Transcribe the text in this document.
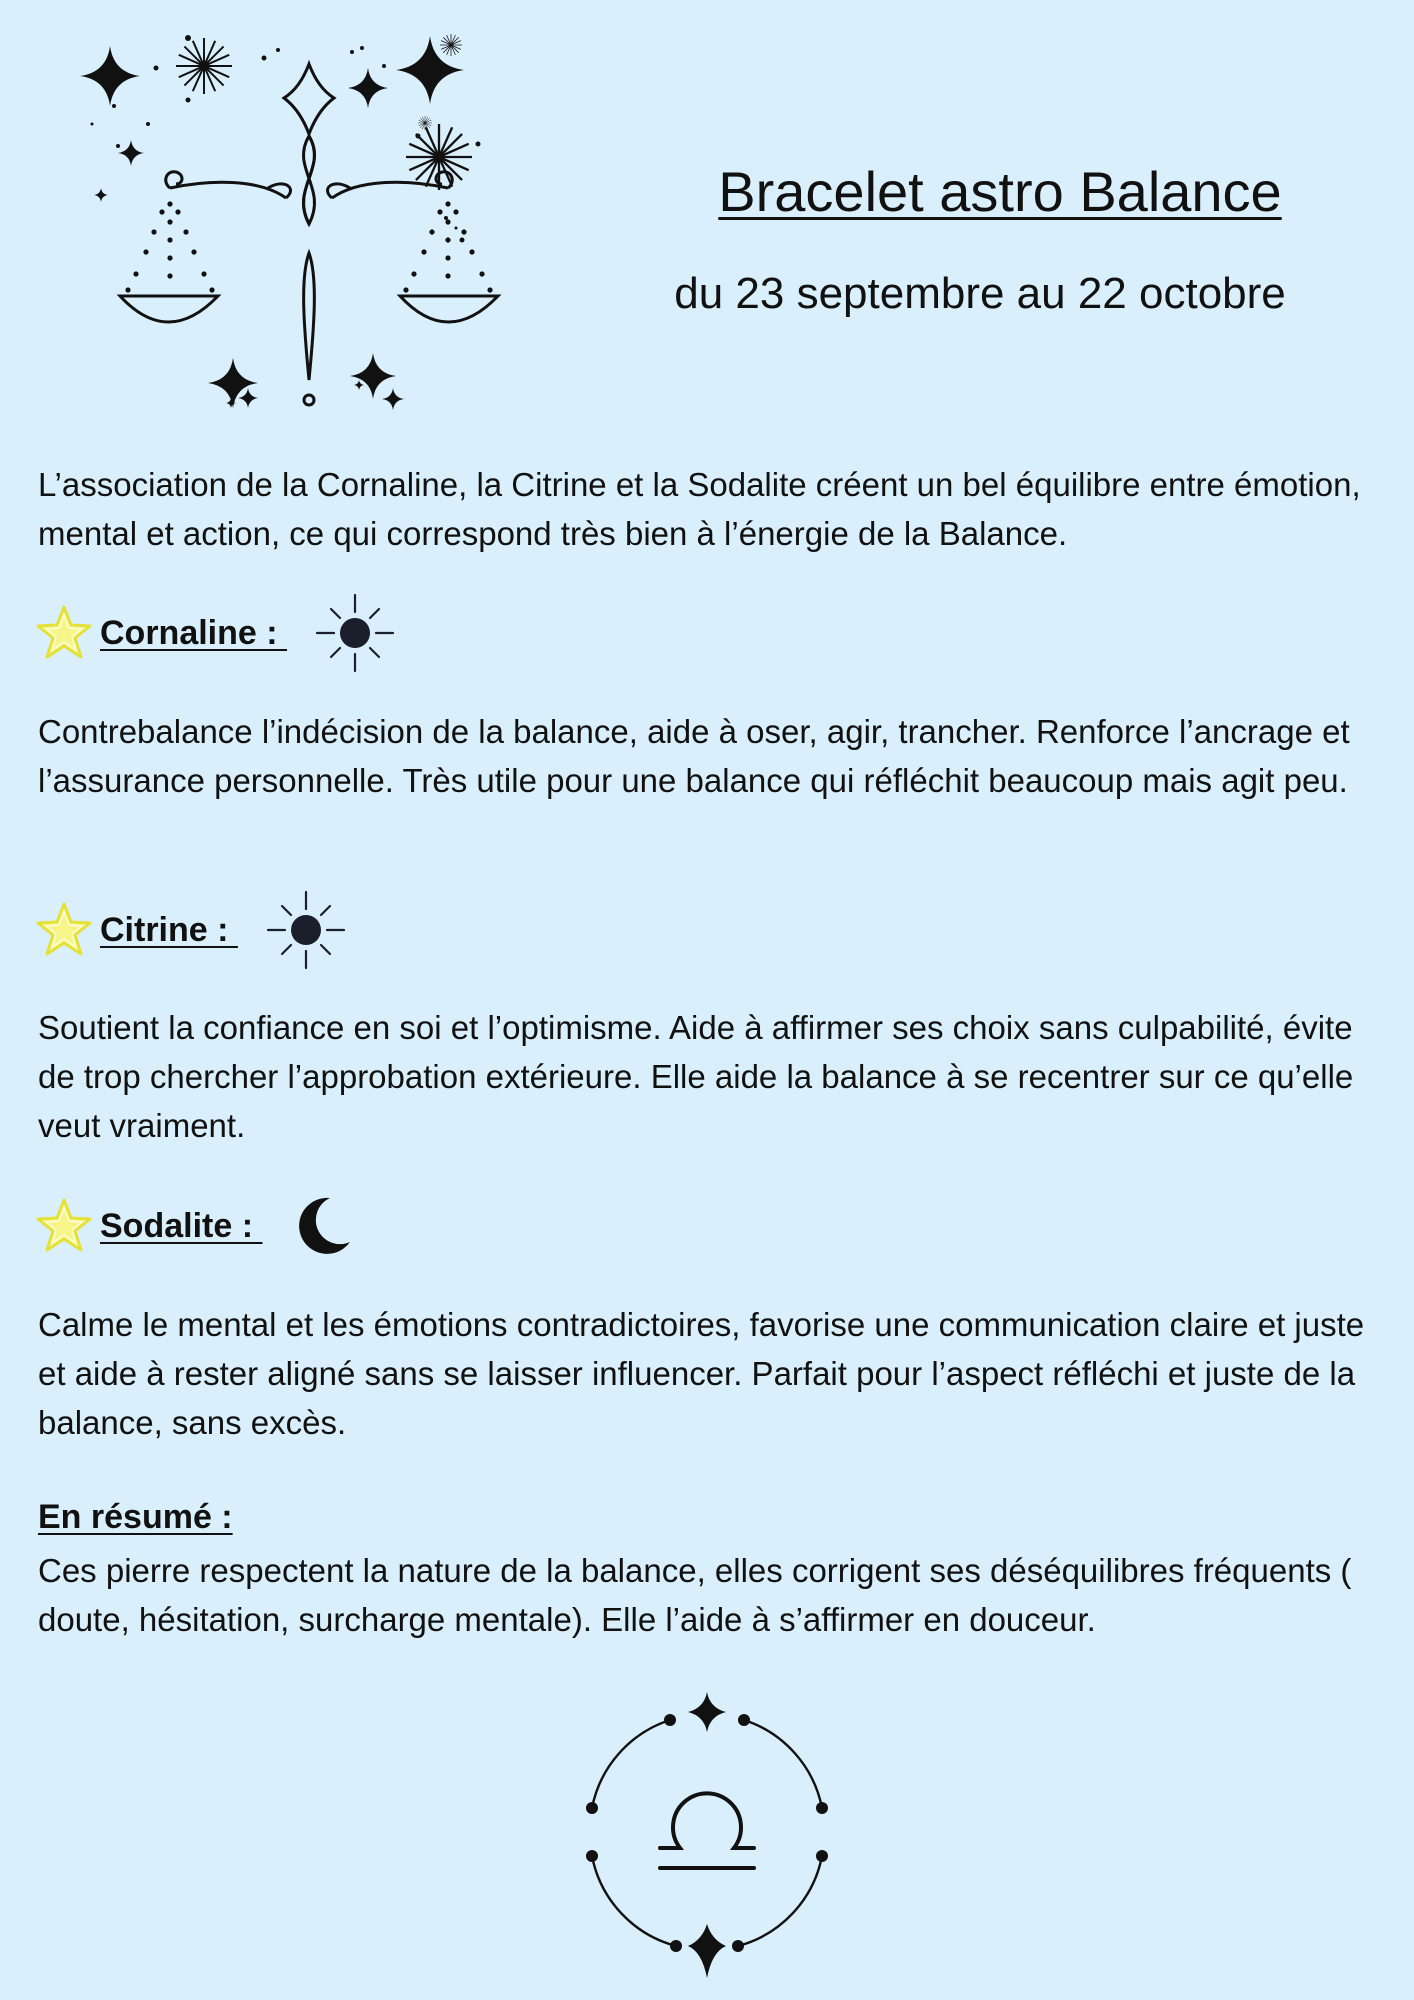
Bracelet astro Balance

du 23 septembre au 22 octobre

L’association de la Cornaline, la Citrine et la Sodalite créent un bel équilibre entre émotion, mental et action, ce qui correspond très bien à l’énergie de la Balance.

Cornaline :

Contrebalance l’indécision de la balance, aide à oser, agir, trancher. Renforce l’ancrage et l’assurance personnelle. Très utile pour une balance qui réfléchit beaucoup mais agit peu.

Citrine :

Soutient la confiance en soi et l’optimisme. Aide à affirmer ses choix sans culpabilité, évite de trop chercher l’approbation extérieure. Elle aide la balance à se recentrer sur ce qu’elle veut vraiment.

Sodalite :

Calme le mental et les émotions contradictoires, favorise une communication claire et juste et aide à rester aligné sans se laisser influencer. Parfait pour l’aspect réfléchi et juste de la balance, sans excès.

En résumé :

Ces pierre respectent la nature de la balance, elles corrigent ses déséquilibres fréquents ( doute, hésitation, surcharge mentale). Elle l’aide à s’affirmer en douceur.
